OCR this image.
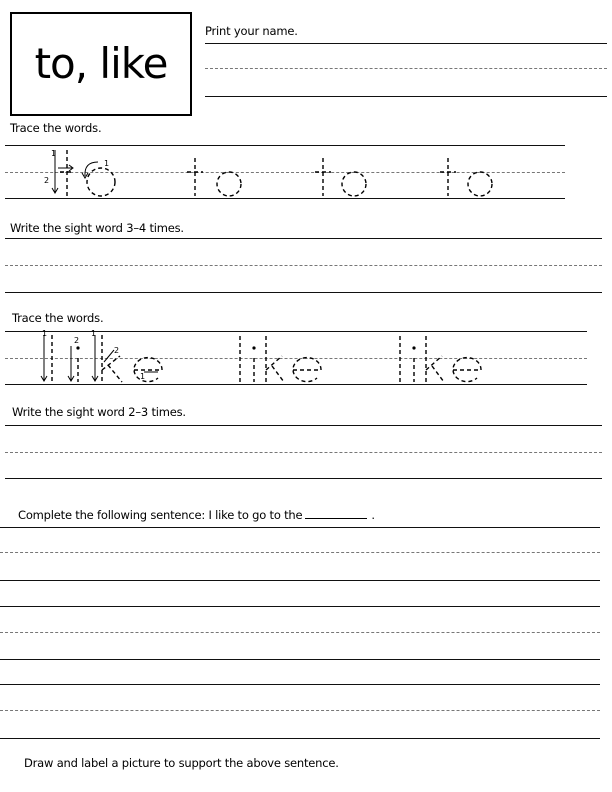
to, like
Print your name.
Trace the words.
1
2
1
Write the sight word 3–4 times.
Trace the words.
1
2
1
2
1
Write the sight word 2–3 times.
Complete the following sentence: I like to go to the	.
Draw and label a picture to support the above sentence.
